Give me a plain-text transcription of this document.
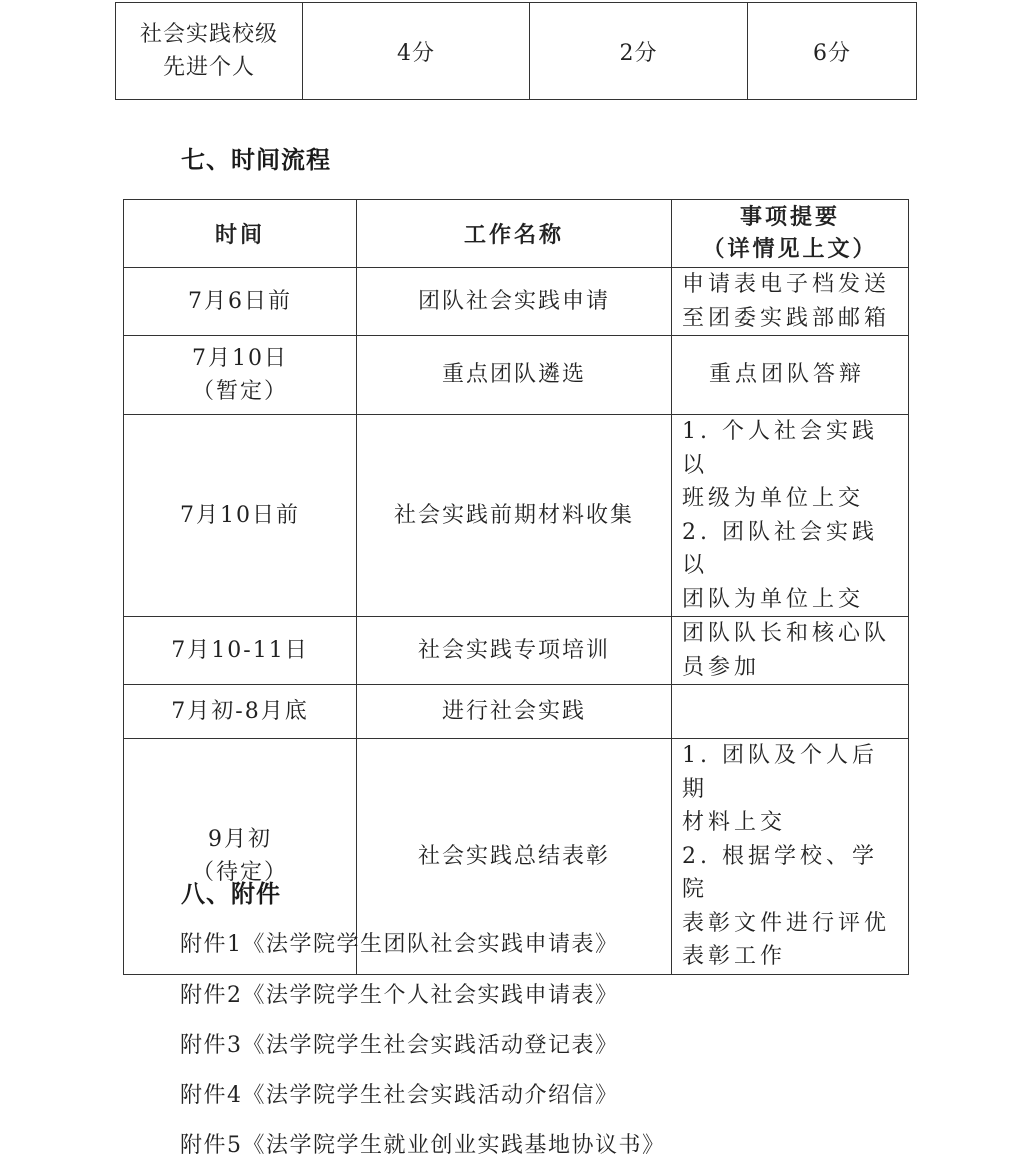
社会实践校级
先进个人
	4分	2分	6分
七、时间流程
时间	工作名称	事项提要
（详情见上文）

7月6日前	团队社会实践申请	申请表电子档发送
至团委实践部邮箱

7月10日
（暂定）	重点团队遴选	重点团队答辩

7月10日前	社会实践前期材料收集	1. 个人社会实践以
班级为单位上交
2. 团队社会实践以
团队为单位上交

7月10-11日	社会实践专项培训	团队队长和核心队
员参加

7月初-8月底	进行社会实践	

9月初
（待定）	社会实践总结表彰	1. 团队及个人后期
材料上交
2. 根据学校、学院
表彰文件进行评优
表彰工作
八、附件

附件1《法学院学生团队社会实践申请表》

附件2《法学院学生个人社会实践申请表》

附件3《法学院学生社会实践活动登记表》

附件4《法学院学生社会实践活动介绍信》

附件5《法学院学生就业创业实践基地协议书》
